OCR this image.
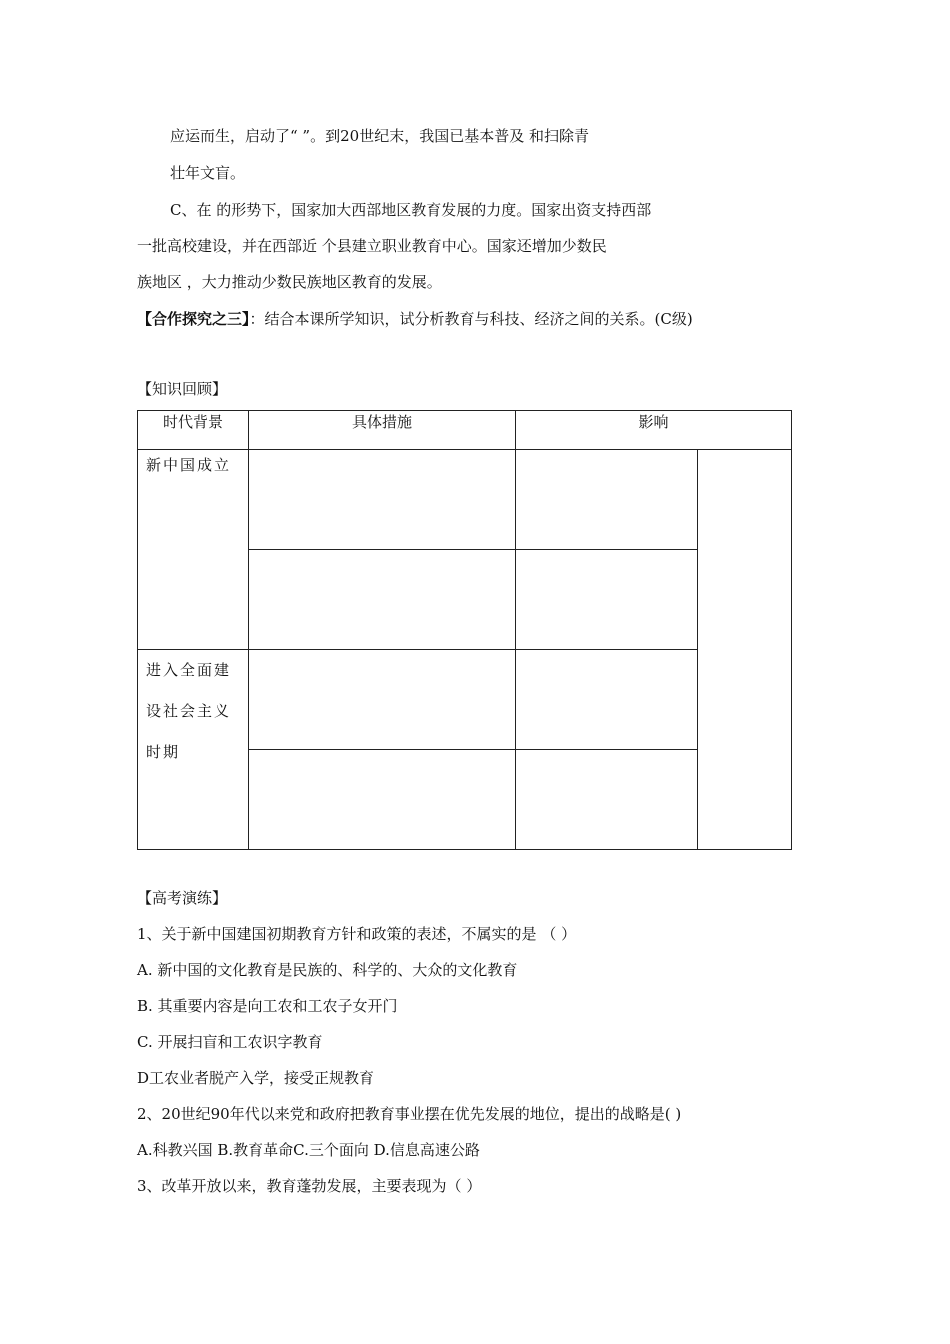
应运而生，启动了“ ”。到20世纪末，我国已基本普及 和扫除青
壮年文盲。
C、在 的形势下，国家加大西部地区教育发展的力度。国家出资支持西部
一批高校建设，并在西部近 个县建立职业教育中心。国家还增加少数民
族地区 ，大力推动少数民族地区教育的发展。
【合作探究之三】：结合本课所学知识，试分析教育与科技、经济之间的关系。(C级)
【知识回顾】
时代背景	具体措施	影响	

新中国成立			

进入全面建设社会主义时期			

【高考演练】
1、关于新中国建国初期教育方针和政策的表述，不属实的是 （ ）
A. 新中国的文化教育是民族的、科学的、大众的文化教育
B. 其重要内容是向工农和工农子女开门
C. 开展扫盲和工农识字教育
D工农业者脱产入学，接受正规教育
2、20世纪90年代以来党和政府把教育事业摆在优先发展的地位，提出的战略是( )
A.科教兴国 B.教育革命C.三个面向 D.信息高速公路
3、改革开放以来，教育蓬勃发展，主要表现为（ ）
